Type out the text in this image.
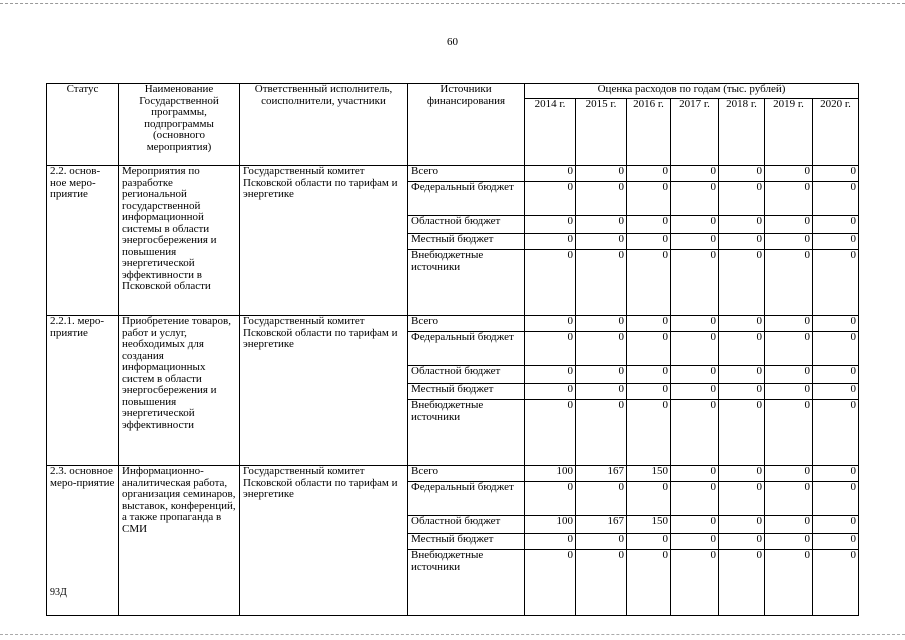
60
Статус	Наименование Государственной программы, подпрограммы (основного мероприятия)	Ответственный исполнитель, соисполнители, участники	Источники финансирования	Оценка расходов по годам (тыс. рублей)						
				2014 г.	2015 г.	2016 г.	2017 г.	2018 г.	2019 г.	2020 г.
2.2. основ-ное меро-приятие	Мероприятия по разработке региональной государственной информационной системы в области энергосбережения и повышения энергетической эффективности в Псковской области	Государственный комитет Псковской области по тарифам и энергетике	Всего	0	0	0	0	0	0	0
			Федеральный бюджет	0	0	0	0	0	0	0
			Областной бюджет	0	0	0	0	0	0	0
			Местный бюджет	0	0	0	0	0	0	0
			Внебюджетные источники	0	0	0	0	0	0	0
2.2.1. меро-приятие	Приобретение товаров, работ и услуг, необходимых для создания информационных систем в области энергосбережения и повышения энергетической эффективности	Государственный комитет Псковской области по тарифам и энергетике	Всего	0	0	0	0	0	0	0
			Федеральный бюджет	0	0	0	0	0	0	0
			Областной бюджет	0	0	0	0	0	0	0
			Местный бюджет	0	0	0	0	0	0	0
			Внебюджетные источники	0	0	0	0	0	0	0
2.3. основное меро-приятие	Информационно-аналитическая работа, организация семинаров, выставок, конференций, а также пропаганда в СМИ	Государственный комитет Псковской области по тарифам и энергетике	Всего	100	167	150	0	0	0	0
			Федеральный бюджет	0	0	0	0	0	0	0
			Областной бюджет	100	167	150	0	0	0	0
			Местный бюджет	0	0	0	0	0	0	0
			Внебюджетные источники	0	0	0	0	0	0	0
93Д
